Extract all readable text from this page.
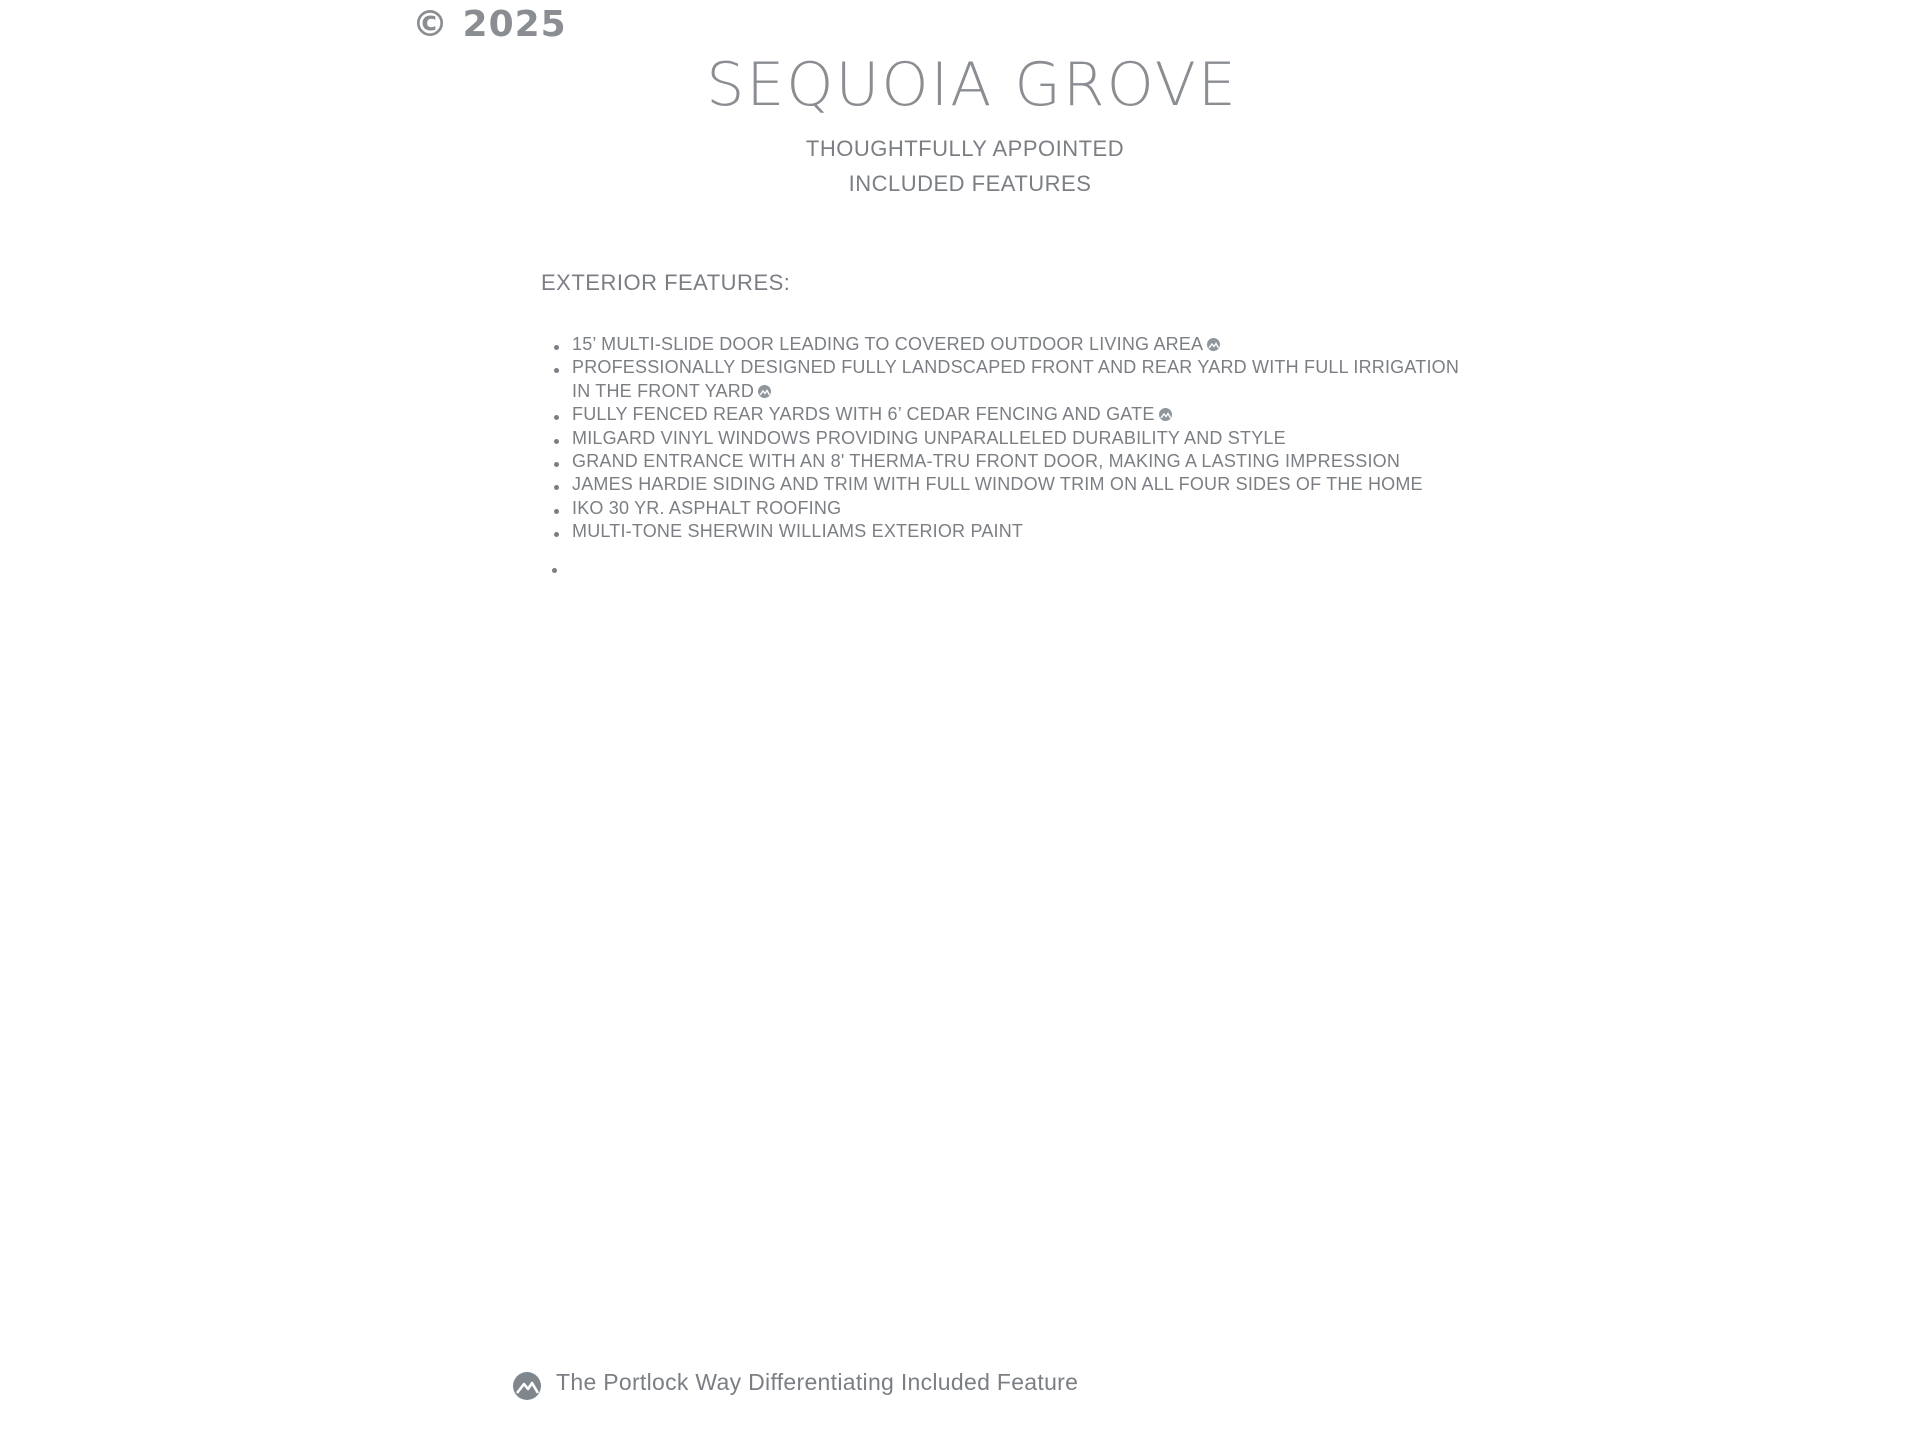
© 2025
SEQUOIA GROVE
THOUGHTFULLY APPOINTED
INCLUDED FEATURES
EXTERIOR FEATURES:
15’ MULTI-SLIDE DOOR LEADING TO COVERED OUTDOOR LIVING AREA
PROFESSIONALLY DESIGNED FULLY LANDSCAPED FRONT AND REAR YARD WITH FULL IRRIGATION IN THE FRONT YARD
FULLY FENCED REAR YARDS WITH 6’ CEDAR FENCING AND GATE
MILGARD VINYL WINDOWS PROVIDING UNPARALLELED DURABILITY AND STYLE
GRAND ENTRANCE WITH AN 8' THERMA-TRU FRONT DOOR, MAKING A LASTING IMPRESSION
JAMES HARDIE SIDING AND TRIM WITH FULL WINDOW TRIM ON ALL FOUR SIDES OF THE HOME
IKO 30 YR. ASPHALT ROOFING
MULTI-TONE SHERWIN WILLIAMS EXTERIOR PAINT
The Portlock Way Differentiating Included Feature
